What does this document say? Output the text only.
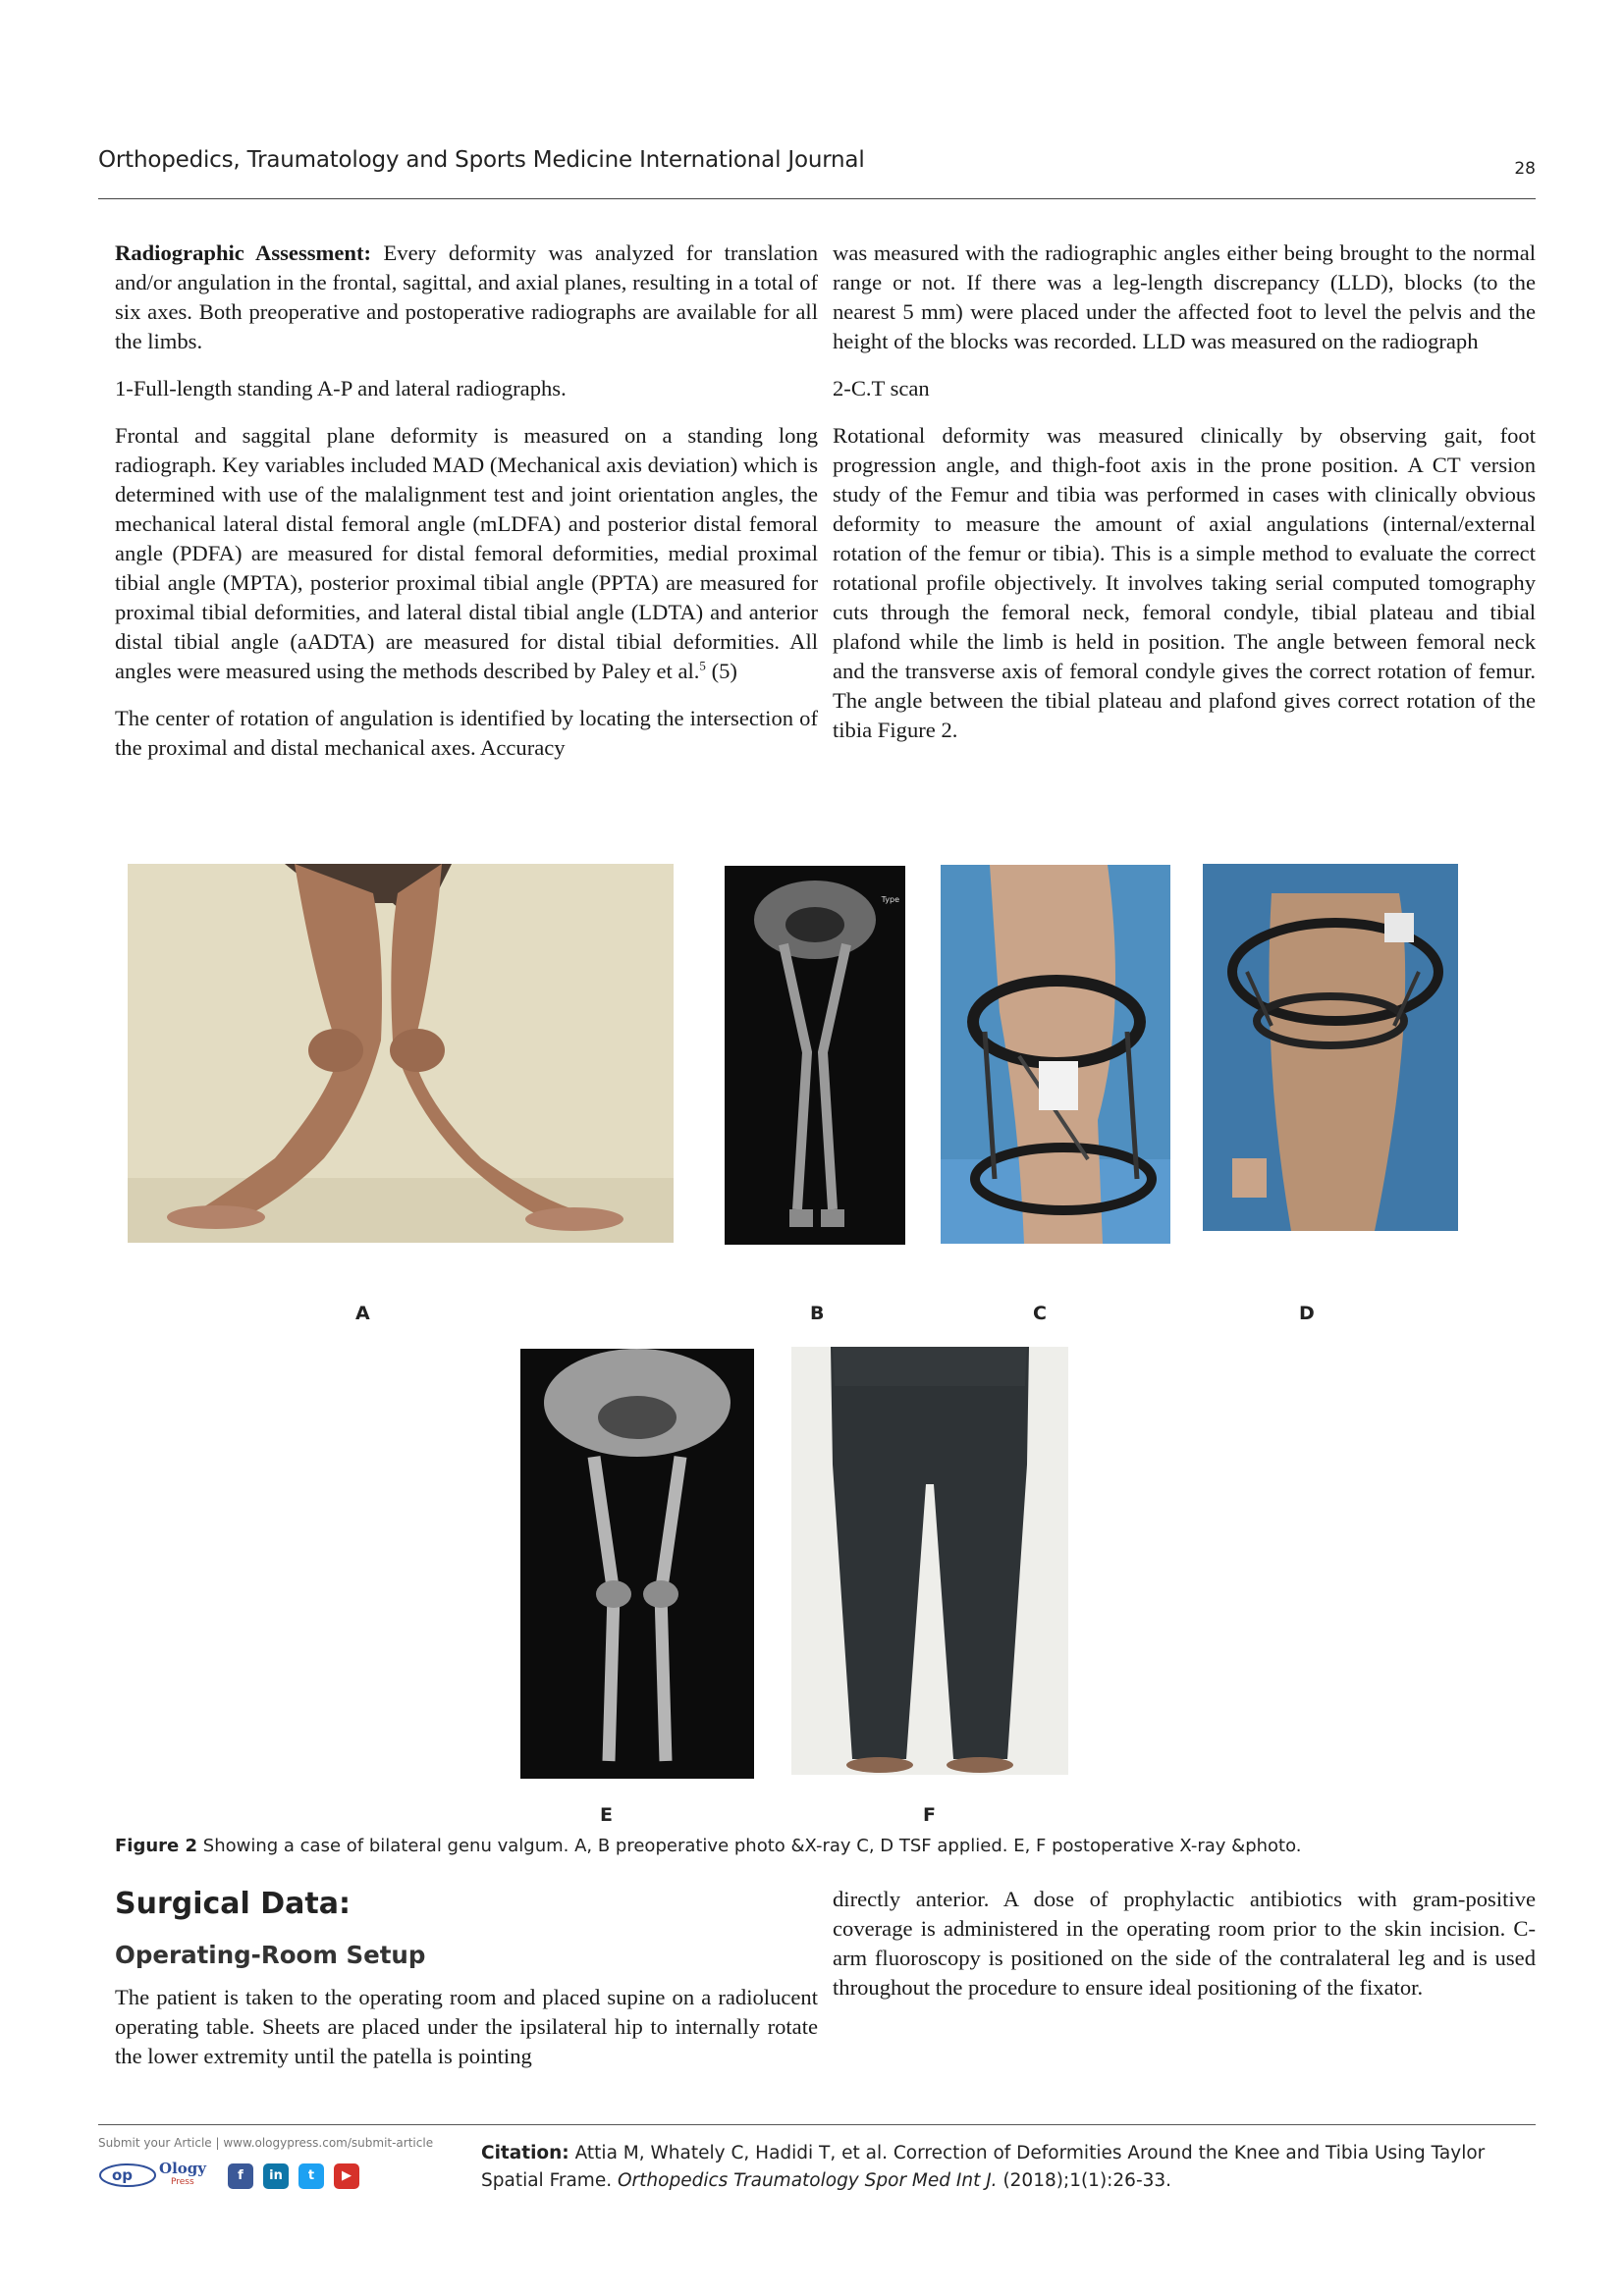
Orthopedics, Traumatology and Sports Medicine International Journal	28

Radiographic Assessment: Every deformity was analyzed for translation and/or angulation in the frontal, sagittal, and axial planes, resulting in a total of six axes. Both preoperative and postoperative radiographs are available for all the limbs.

1-Full-length standing A-P and lateral radiographs.

Frontal and saggital plane deformity is measured on a standing long radiograph. Key variables included MAD (Mechanical axis deviation) which is determined with use of the malalignment test and joint orientation angles, the mechanical lateral distal femoral angle (mLDFA) and posterior distal femoral angle (PDFA) are measured for distal femoral deformities, medial proximal tibial angle (MPTA), posterior proximal tibial angle (PPTA) are measured for proximal tibial deformities, and lateral distal tibial angle (LDTA) and anterior distal tibial angle (aADTA) are measured for distal tibial deformities. All angles were measured using the methods described by Paley et al.$^5$ (5)

The center of rotation of angulation is identified by locating the intersection of the proximal and distal mechanical axes. Accuracy

was measured with the radiographic angles either being brought to the normal range or not. If there was a leg-length discrepancy (LLD), blocks (to the nearest 5 mm) were placed under the affected foot to level the pelvis and the height of the blocks was recorded. LLD was measured on the radiograph

2-C.T scan

Rotational deformity was measured clinically by observing gait, foot progression angle, and thigh-foot axis in the prone position. A CT version study of the Femur and tibia was performed in cases with clinically obvious deformity to measure the amount of axial angulations (internal/external rotation of the femur or tibia). This is a simple method to evaluate the correct rotational profile objectively. It involves taking serial computed tomography cuts through the femoral neck, femoral condyle, tibial plateau and tibial plafond while the limb is held in position. The angle between femoral neck and the transverse axis of femoral condyle gives the correct rotation of femur. The angle between the tibial plateau and plafond gives correct rotation of the tibia Figure 2.

Type
A	B	C	D
E	F
Figure 2 Showing a case of bilateral genu valgum. A, B preoperative photo &X-ray C, D TSF applied. E, F postoperative X-ray &photo.
Surgical Data:
Operating-Room Setup

The patient is taken to the operating room and placed supine on a radiolucent operating table. Sheets are placed under the ipsilateral hip to internally rotate the lower extremity until the patella is pointing

directly anterior. A dose of prophylactic antibiotics with gram-positive coverage is administered in the operating room prior to the skin incision. C-arm fluoroscopy is positioned on the side of the contralateral leg and is used throughout the procedure to ensure ideal positioning of the fixator.

Submit your Article | www.ologypress.com/submit-article
op Ology
Press	f	in	t	▶
Citation: Attia M, Whately C, Hadidi T, et al. Correction of Deformities Around the Knee and Tibia Using Taylor Spatial Frame. Orthopedics Traumatology Spor Med Int J. (2018);1(1):26-33.
